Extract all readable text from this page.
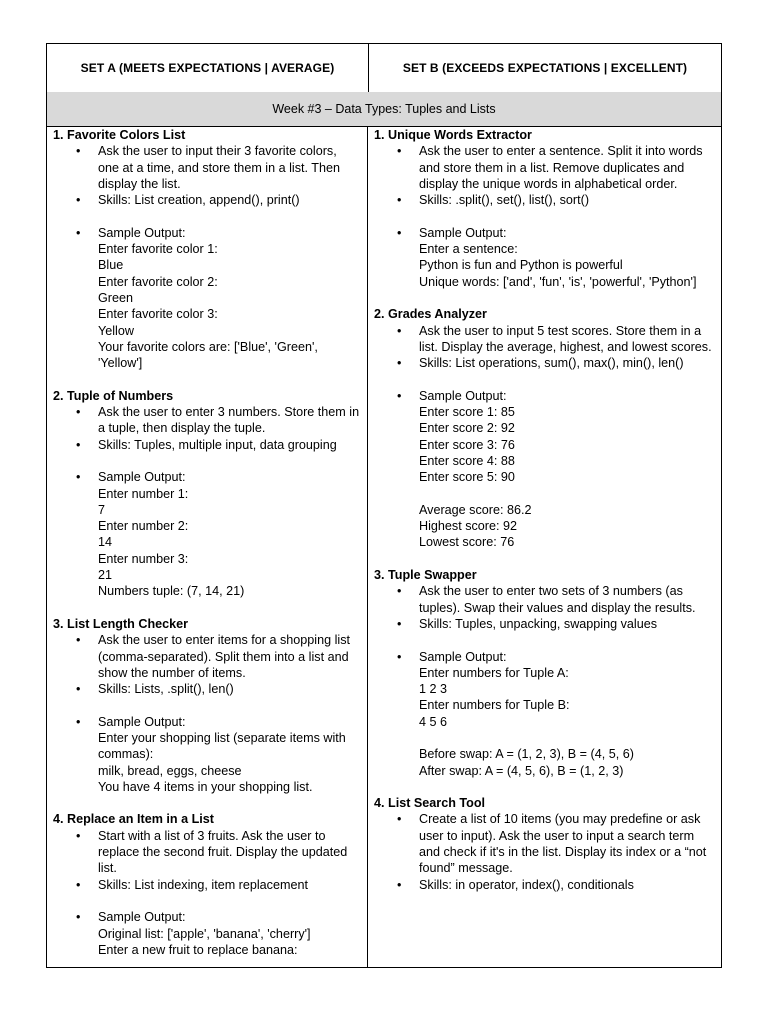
SET A (MEETS EXPECTATIONS | AVERAGE)	SET B (EXCEEDS EXPECTATIONS | EXCELLENT)
Week #3 – Data Types: Tuples and Lists
1. Favorite Colors List
• Ask the user to input their 3 favorite colors, one at a time, and store them in a list. Then display the list.
• Skills: List creation, append(), print()
• Sample Output:
Enter favorite color 1:
Blue
Enter favorite color 2:
Green
Enter favorite color 3:
Yellow
Your favorite colors are: ['Blue', 'Green', 'Yellow']
2. Tuple of Numbers
• Ask the user to enter 3 numbers. Store them in a tuple, then display the tuple.
• Skills: Tuples, multiple input, data grouping
• Sample Output:
Enter number 1:
7
Enter number 2:
14
Enter number 3:
21
Numbers tuple: (7, 14, 21)
3. List Length Checker
• Ask the user to enter items for a shopping list (comma-separated). Split them into a list and show the number of items.
• Skills: Lists, .split(), len()
• Sample Output:
Enter your shopping list (separate items with commas):
milk, bread, eggs, cheese
You have 4 items in your shopping list.
4. Replace an Item in a List
• Start with a list of 3 fruits. Ask the user to replace the second fruit. Display the updated list.
• Skills: List indexing, item replacement
• Sample Output:
Original list: ['apple', 'banana', 'cherry']
Enter a new fruit to replace banana:
1. Unique Words Extractor
• Ask the user to enter a sentence. Split it into words and store them in a list. Remove duplicates and display the unique words in alphabetical order.
• Skills: .split(), set(), list(), sort()
• Sample Output:
Enter a sentence:
Python is fun and Python is powerful
Unique words: ['and', 'fun', 'is', 'powerful', 'Python']
2. Grades Analyzer
• Ask the user to input 5 test scores. Store them in a list. Display the average, highest, and lowest scores.
• Skills: List operations, sum(), max(), min(), len()
• Sample Output:
Enter score 1: 85
Enter score 2: 92
Enter score 3: 76
Enter score 4: 88
Enter score 5: 90
Average score: 86.2
Highest score: 92
Lowest score: 76
3. Tuple Swapper
• Ask the user to enter two sets of 3 numbers (as tuples). Swap their values and display the results.
• Skills: Tuples, unpacking, swapping values
• Sample Output:
Enter numbers for Tuple A:
1 2 3
Enter numbers for Tuple B:
4 5 6
Before swap: A = (1, 2, 3), B = (4, 5, 6)
After swap: A = (4, 5, 6), B = (1, 2, 3)
4. List Search Tool
• Create a list of 10 items (you may predefine or ask user to input). Ask the user to input a search term and check if it's in the list. Display its index or a “not found” message.
• Skills: in operator, index(), conditionals
